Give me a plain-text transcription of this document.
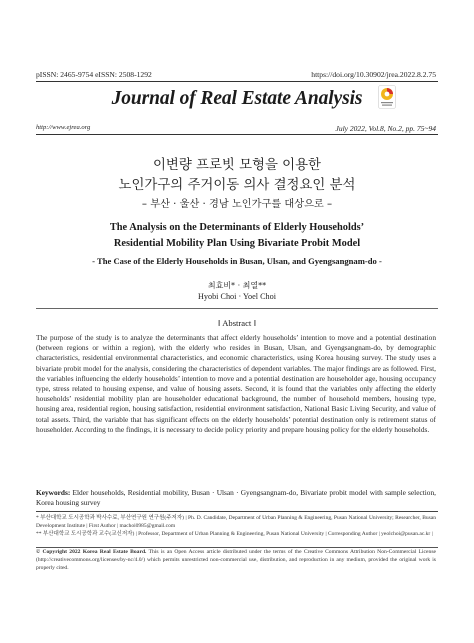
pISSN: 2465-9754 eISSN: 2508-1292	https://doi.org/10.30902/jrea.2022.8.2.75
Journal of Real Estate Analysis
http://www.ejrea.org	July 2022, Vol.8, No.2, pp. 75~94
이변량 프로빗 모형을 이용한
노인가구의 주거이동 의사 결정요인 분석
– 부산 · 울산 · 경남 노인가구를 대상으로 –
The Analysis on the Determinants of Elderly Households’
Residential Mobility Plan Using Bivariate Probit Model
- The Case of the Elderly Households in Busan, Ulsan, and Gyengsangnam-do -
최효비* · 최열**
Hyobi Choi · Yoel Choi
‖ Abstract ‖
The purpose of the study is to analyze the determinants that affect elderly households’ intention to move and a potential destination (between regions or within a region), with the elderly who resides in Busan, Ulsan, and Gyengsangnam-do, by demographic characteristics, residential environmental characteristics, and economic characteristics, using Korea housing survey. The study uses a bivariate probit model for the analysis, considering the characteristics of dependent variables. The major findings are as followed. First, the variables influencing the elderly households’ intention to move and a potential destination are householder age, housing occupancy type, stress related to housing expense, and value of housing assets. Second, it is found that the variables only affecting the elderly households’ residential mobility plan are householder educational background, the number of household members, housing type, housing area, residential region, housing satisfaction, residential environment satisfaction, National Basic Living Security, and value of total assets. Third, the variable that has significant effects on the elderly households’ potential destination only is retirement status of householder. According to the findings, it is necessary to decide policy priority and prepare housing policy for the elderly households.
Keywords: Elder households, Residential mobility, Busan · Ulsan · Gyengsangnam-do, Bivariate probit model with sample selection, Korea housing survey
* 부산대학교 도시공학과 박사수료, 부산연구원 연구원(주저자) | Ph. D. Candidate, Department of Urban Planning & Engineering, Pusan National University; Researcher, Busan Development Institute | First Author | machoi0985@gmail.com
** 부산대학교 도시공학과 교수(교신저자) | Professor, Department of Urban Planning & Engineering, Pusan National University | Corresponding Author | yeolchoi@pusan.ac.kr |
© Copyright 2022 Korea Real Estate Board. This is an Open Access article distributed under the terms of the Creative Commons Attribution Non-Commercial License (http://creativecommons.org/licenses/by-nc/4.0/) which permits unrestricted non-commercial use, distribution, and reproduction in any medium, provided the original work is properly cited.
